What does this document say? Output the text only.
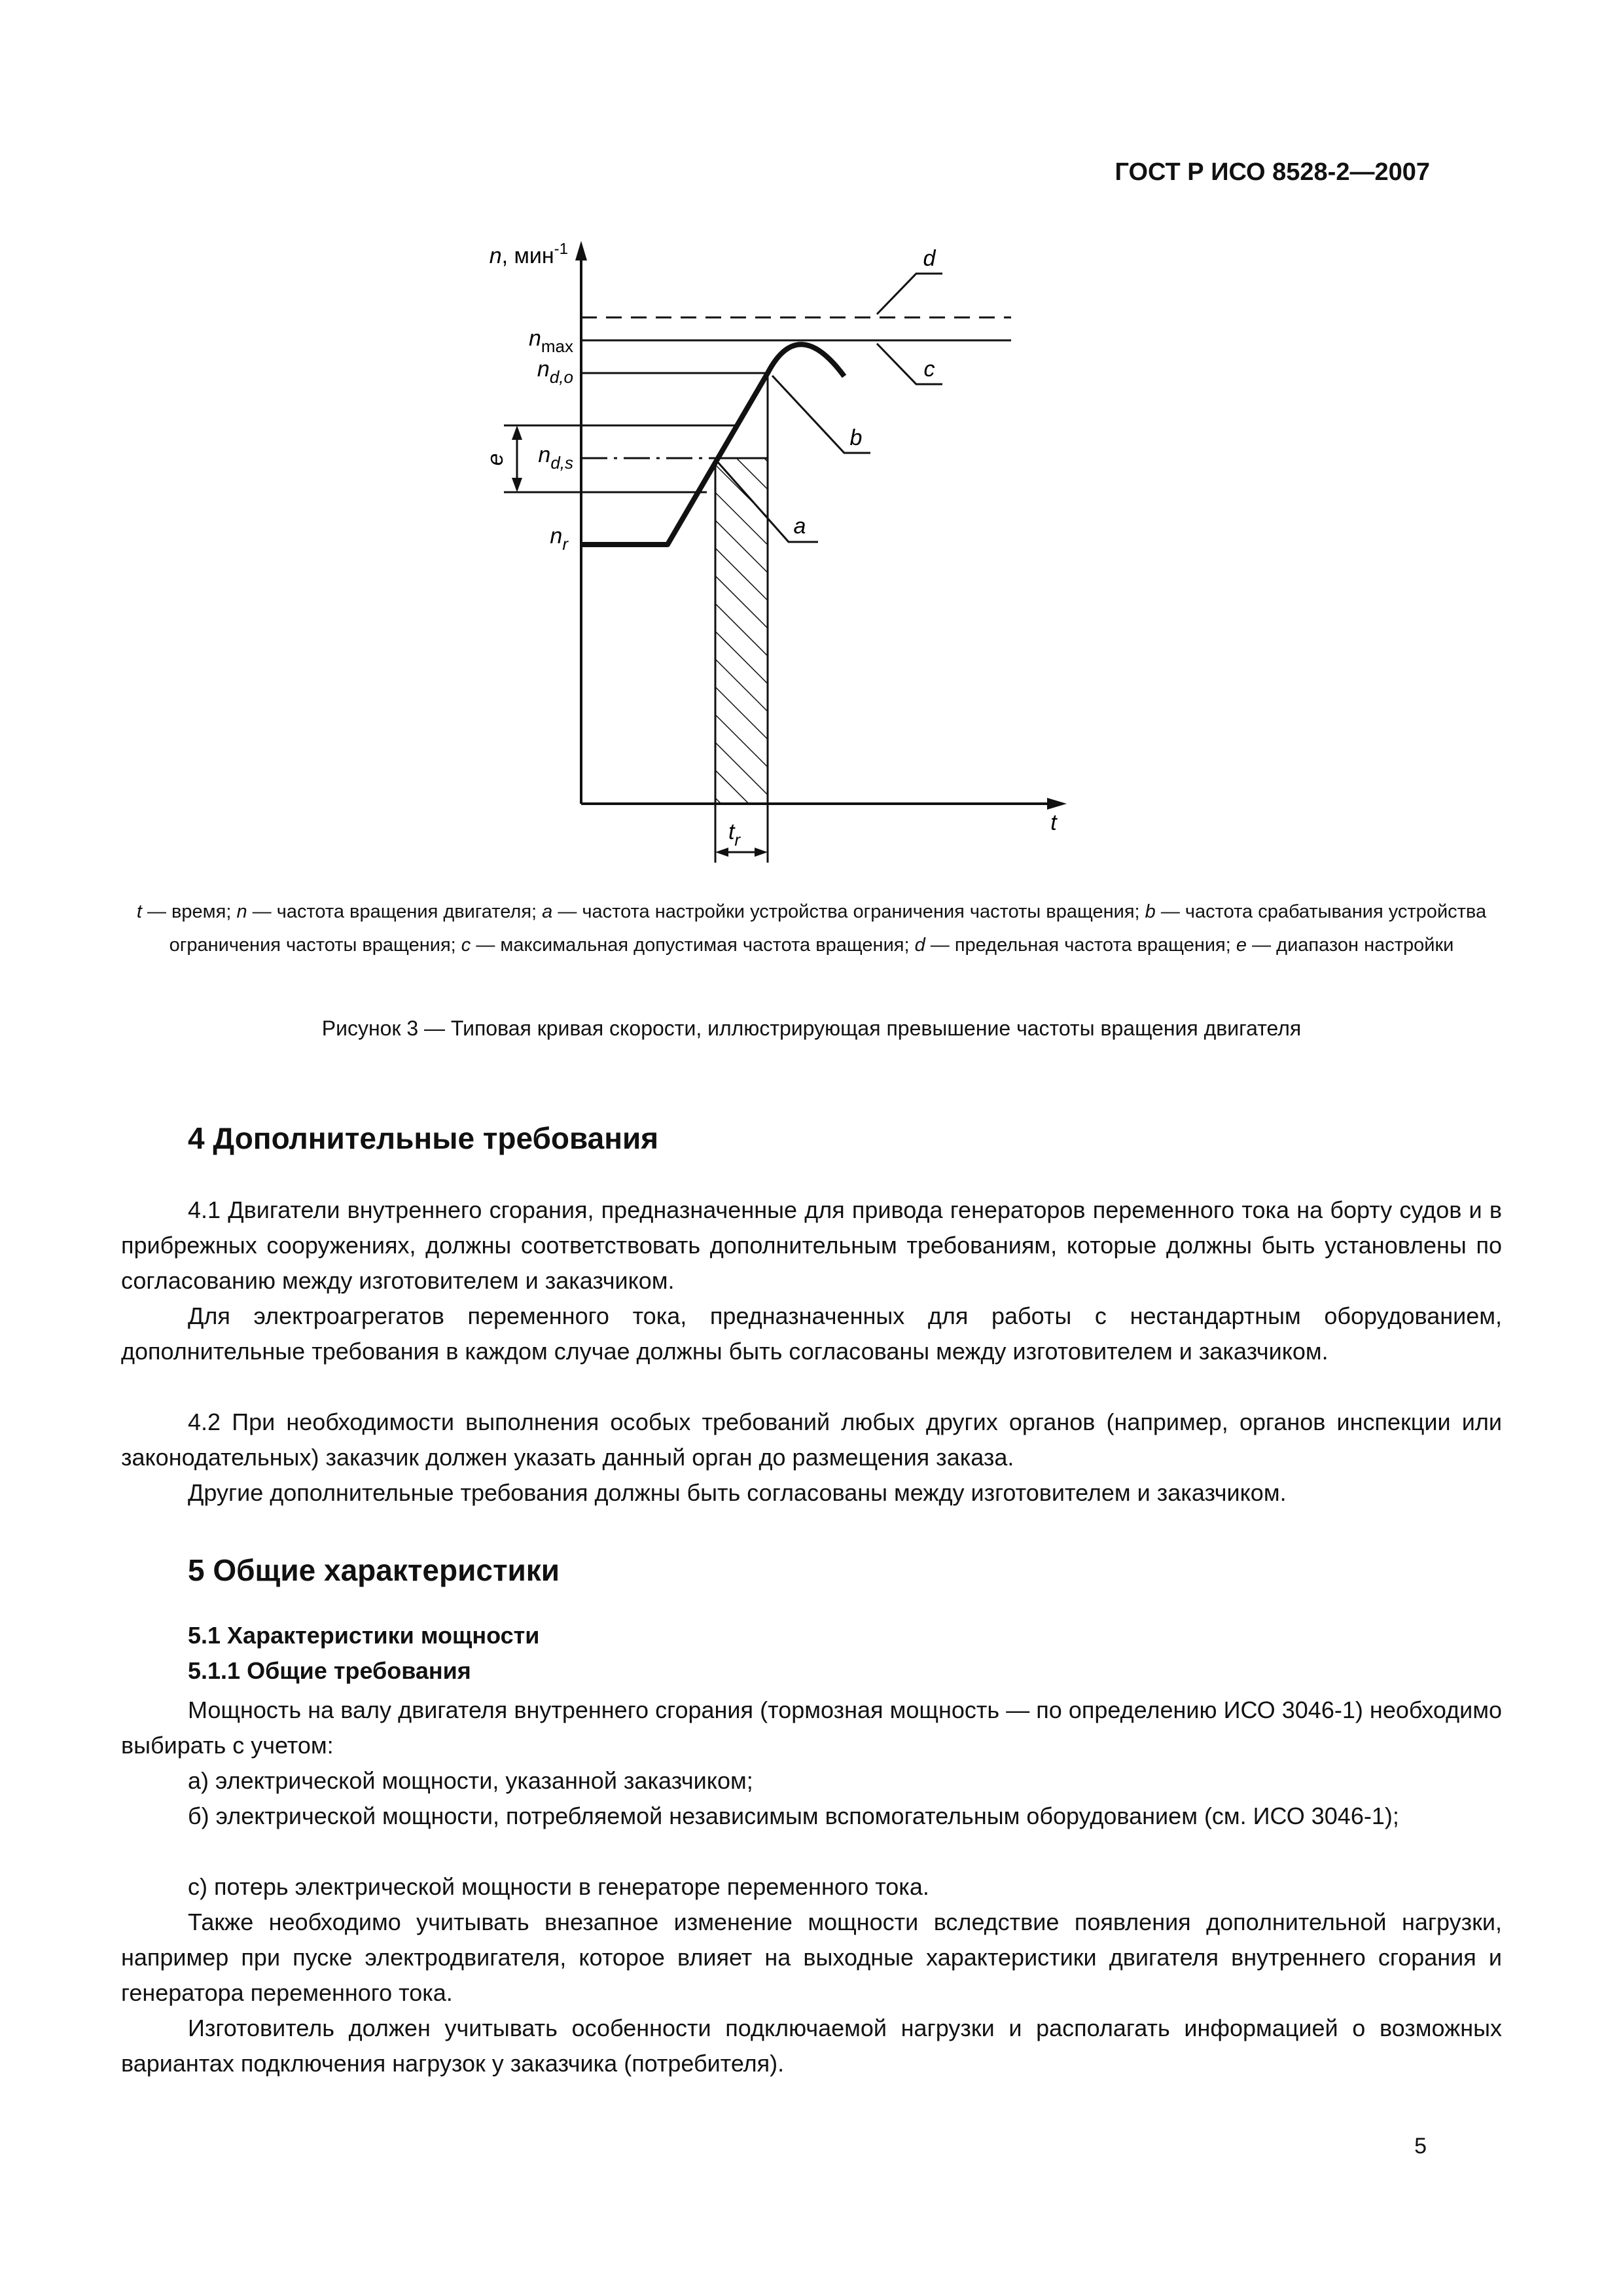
ГОСТ Р ИСО 8528-2—2007
n, мин$^{-1}$
t
$n_{max}$
$n_{d,o}$
$n_{d,s}$
$n_r$
e
$t_r$
a
b
c
d
t — время; n — частота вращения двигателя; a — частота настройки устройства ограничения частоты вращения; b — частота срабатывания устройства ограничения частоты вращения; c — максимальная допустимая частота вращения; d — предельная частота вращения; e — диапазон настройки
Рисунок 3 — Типовая кривая скорости, иллюстрирующая превышение частоты вращения двигателя
4 Дополнительные требования

4.1 Двигатели внутреннего сгорания, предназначенные для привода генераторов переменного тока на борту судов и в прибрежных сооружениях, должны соответствовать дополнительным требованиям, которые должны быть установлены по согласованию между изготовителем и заказчиком.

Для электроагрегатов переменного тока, предназначенных для работы с нестандартным оборудованием, дополнительные требования в каждом случае должны быть согласованы между изготовителем и заказчиком.

4.2 При необходимости выполнения особых требований любых других органов (например, органов инспекции или законодательных) заказчик должен указать данный орган до размещения заказа.

Другие дополнительные требования должны быть согласованы между изготовителем и заказчиком.

5 Общие характеристики
5.1 Характеристики мощности
5.1.1 Общие требования

Мощность на валу двигателя внутреннего сгорания (тормозная мощность — по определению ИСО 3046-1) необходимо выбирать с учетом:

а) электрической мощности, указанной заказчиком;

б) электрической мощности, потребляемой независимым вспомогательным оборудованием (см. ИСО 3046-1);

с) потерь электрической мощности в генераторе переменного тока.

Также необходимо учитывать внезапное изменение мощности вследствие появления дополнительной нагрузки, например при пуске электродвигателя, которое влияет на выходные характеристики двигателя внутреннего сгорания и генератора переменного тока.

Изготовитель должен учитывать особенности подключаемой нагрузки и располагать информацией о возможных вариантах подключения нагрузок у заказчика (потребителя).

5
